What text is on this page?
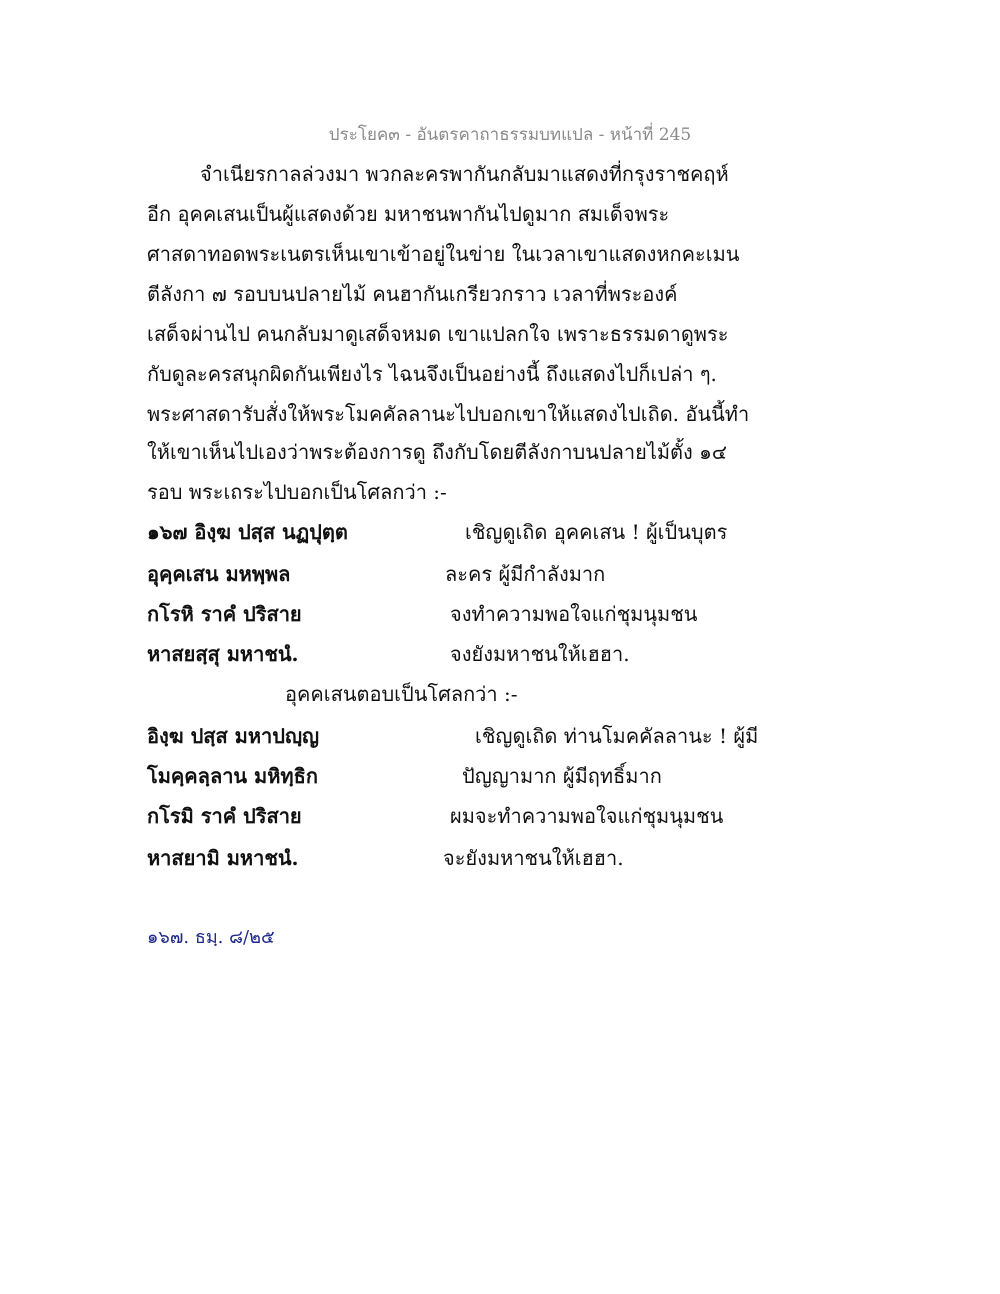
ประโยค๓ - อันตรคาถาธรรมบทแปล - หน้าที่ 245
จำเนียรกาลล่วงมา พวกละครพากันกลับมาแสดงที่กรุงราชคฤห์
อีก อุคคเสนเป็นผู้แสดงด้วย มหาชนพากันไปดูมาก สมเด็จพระ
ศาสดาทอดพระเนตรเห็นเขาเข้าอยู่ในข่าย ในเวลาเขาแสดงหกคะเมน
ตีลังกา ๗ รอบบนปลายไม้ คนฮากันเกรียวกราว เวลาที่พระองค์
เสด็จผ่านไป คนกลับมาดูเสด็จหมด เขาแปลกใจ เพราะธรรมดาดูพระ
กับดูละครสนุกผิดกันเพียงไร ไฉนจึงเป็นอย่างนี้ ถึงแสดงไปก็เปล่า ๆ.
พระศาสดารับสั่งให้พระโมคคัลลานะไปบอกเขาให้แสดงไปเถิด. อันนี้ทำ
ให้เขาเห็นไปเองว่าพระต้องการดู ถึงกับโดยตีลังกาบนปลายไม้ตั้ง ๑๔
รอบ พระเถระไปบอกเป็นโศลกว่า :-
๑๖๗ อิงฺฆ ปสฺส นฏปุตฺต	เชิญดูเถิด อุคคเสน ! ผู้เป็นบุตร
อุคฺคเสน มหพฺพล	ละคร ผู้มีกำลังมาก
กโรหิ ราคํ ปริสาย	จงทำความพอใจแก่ชุมนุมชน
หาสยสฺสุ มหาชนํ.	จงยังมหาชนให้เฮฮา.
อุคคเสนตอบเป็นโศลกว่า :-
อิงฺฆ ปสฺส มหาปญฺญ	เชิญดูเถิด ท่านโมคคัลลานะ ! ผู้มี
โมคฺคลฺลาน มหิทฺธิก	ปัญญามาก ผู้มีฤทธิ์มาก
กโรมิ ราคํ ปริสาย	ผมจะทำความพอใจแก่ชุมนุมชน
หาสยามิ มหาชนํ.	จะยังมหาชนให้เฮฮา.
๑๖๗. ธมฺ. ๘/๒๕
